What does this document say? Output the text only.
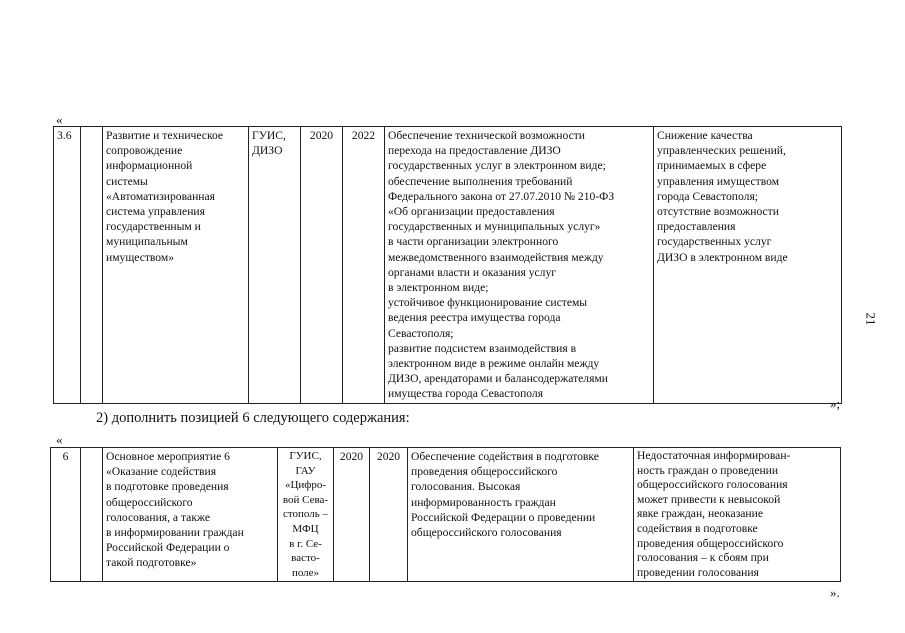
«
3.6		Развитие и техническое
сопровождение
информационной
системы
«Автоматизированная
система управления
государственным и
муниципальным
имуществом»	ГУИС,
ДИЗО	2020	2022	Обеспечение технической возможности
перехода на предоставление ДИЗО
государственных услуг в электронном виде;
обеспечение выполнения требований
Федерального закона от 27.07.2010 № 210-ФЗ
«Об организации предоставления
государственных и муниципальных услуг»
в части организации электронного
межведомственного взаимодействия между
органами власти и оказания услуг
в электронном виде;
устойчивое функционирование системы
ведения реестра имущества города
Севастополя;
развитие подсистем взаимодействия в
электронном виде в режиме онлайн между
ДИЗО, арендаторами и балансодержателями
имущества города Севастополя	Снижение качества
управленческих решений,
принимаемых в сфере
управления имуществом
города Севастополя;
отсутствие возможности
предоставления
государственных услуг
ДИЗО в электронном виде
»;
2) дополнить позицией 6 следующего содержания:
«
6		Основное мероприятие 6
«Оказание содействия
в подготовке проведения
общероссийского
голосования, а также
в информировании граждан
Российской Федерации о
такой подготовке»	ГУИС,
ГАУ
«Цифро-
вой Сева-
стополь –
МФЦ
в г. Се-
васто-
поле»	2020	2020	Обеспечение содействия в подготовке
проведения общероссийского
голосования. Высокая
информированность граждан
Российской Федерации о проведении
общероссийского голосования	Недостаточная информирован-
ность граждан о проведении
общероссийского голосования
может привести к невысокой
явке граждан, неоказание
содействия в подготовке
проведения общероссийского
голосования – к сбоям при
проведении голосования
».
21
